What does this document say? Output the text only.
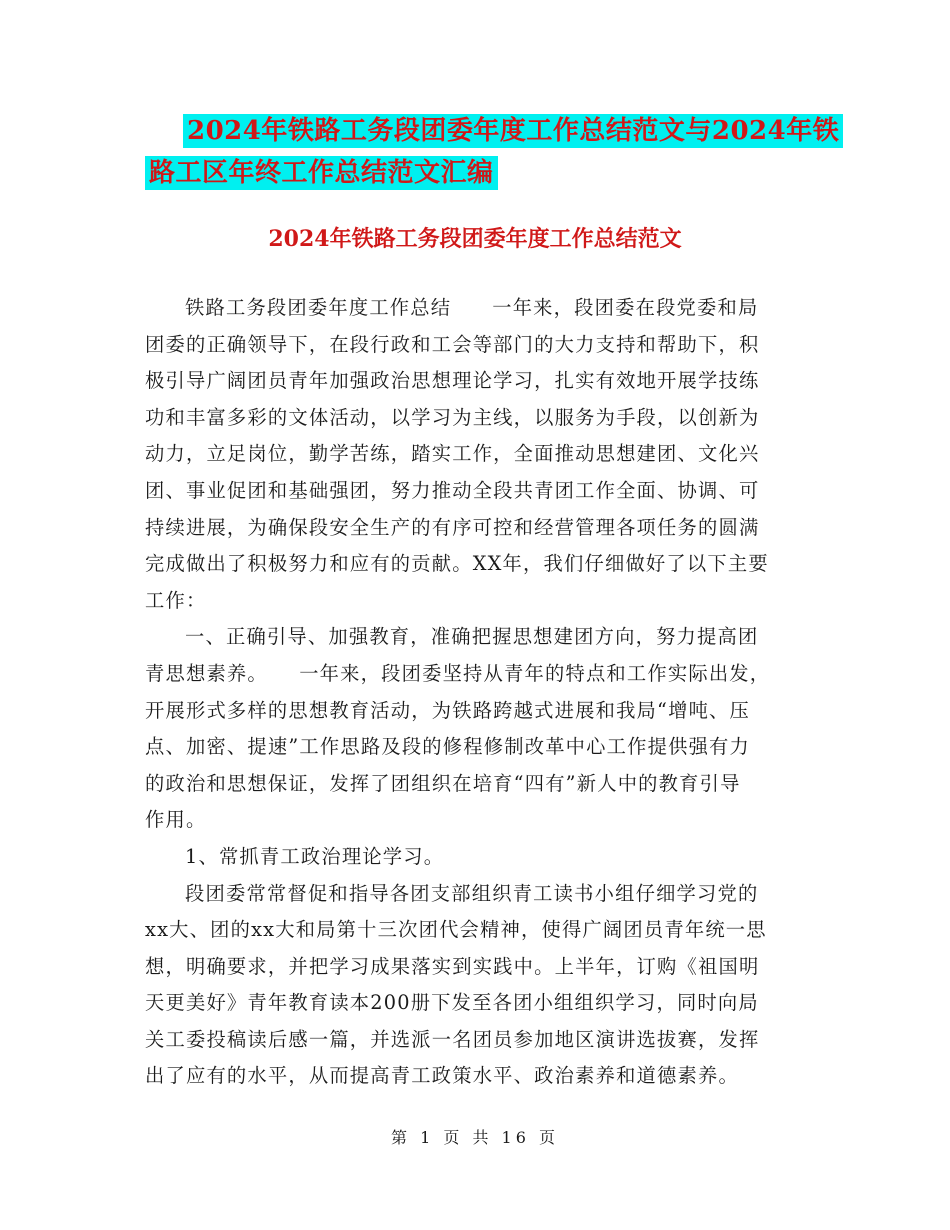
2024年铁路工务段团委年度工作总结范文与2024年铁
路工区年终工作总结范文汇编
2024年铁路工务段团委年度工作总结范文
铁路工务段团委年度工作总结　　一年来，段团委在段党委和局
团委的正确领导下，在段行政和工会等部门的大力支持和帮助下，积
极引导广阔团员青年加强政治思想理论学习，扎实有效地开展学技练
功和丰富多彩的文体活动，以学习为主线，以服务为手段，以创新为
动力，立足岗位，勤学苦练，踏实工作，全面推动思想建团、文化兴
团、事业促团和基础强团，努力推动全段共青团工作全面、协调、可
持续进展，为确保段安全生产的有序可控和经营管理各项任务的圆满
完成做出了积极努力和应有的贡献。XX年，我们仔细做好了以下主要
工作：
一、正确引导、加强教育，准确把握思想建团方向，努力提高团
青思想素养。　　一年来，段团委坚持从青年的特点和工作实际出发，
开展形式多样的思想教育活动，为铁路跨越式进展和我局“增吨、压
点、加密、提速”工作思路及段的修程修制改革中心工作提供强有力
的政治和思想保证，发挥了团组织在培育“四有”新人中的教育引导
作用。
1、常抓青工政治理论学习。
段团委常常督促和指导各团支部组织青工读书小组仔细学习党的
xx大、团的xx大和局第十三次团代会精神，使得广阔团员青年统一思
想，明确要求，并把学习成果落实到实践中。上半年，订购《祖国明
天更美好》青年教育读本200册下发至各团小组组织学习，同时向局
关工委投稿读后感一篇，并选派一名团员参加地区演讲选拔赛，发挥
出了应有的水平，从而提高青工政策水平、政治素养和道德素养。
第 1 页 共 16 页
